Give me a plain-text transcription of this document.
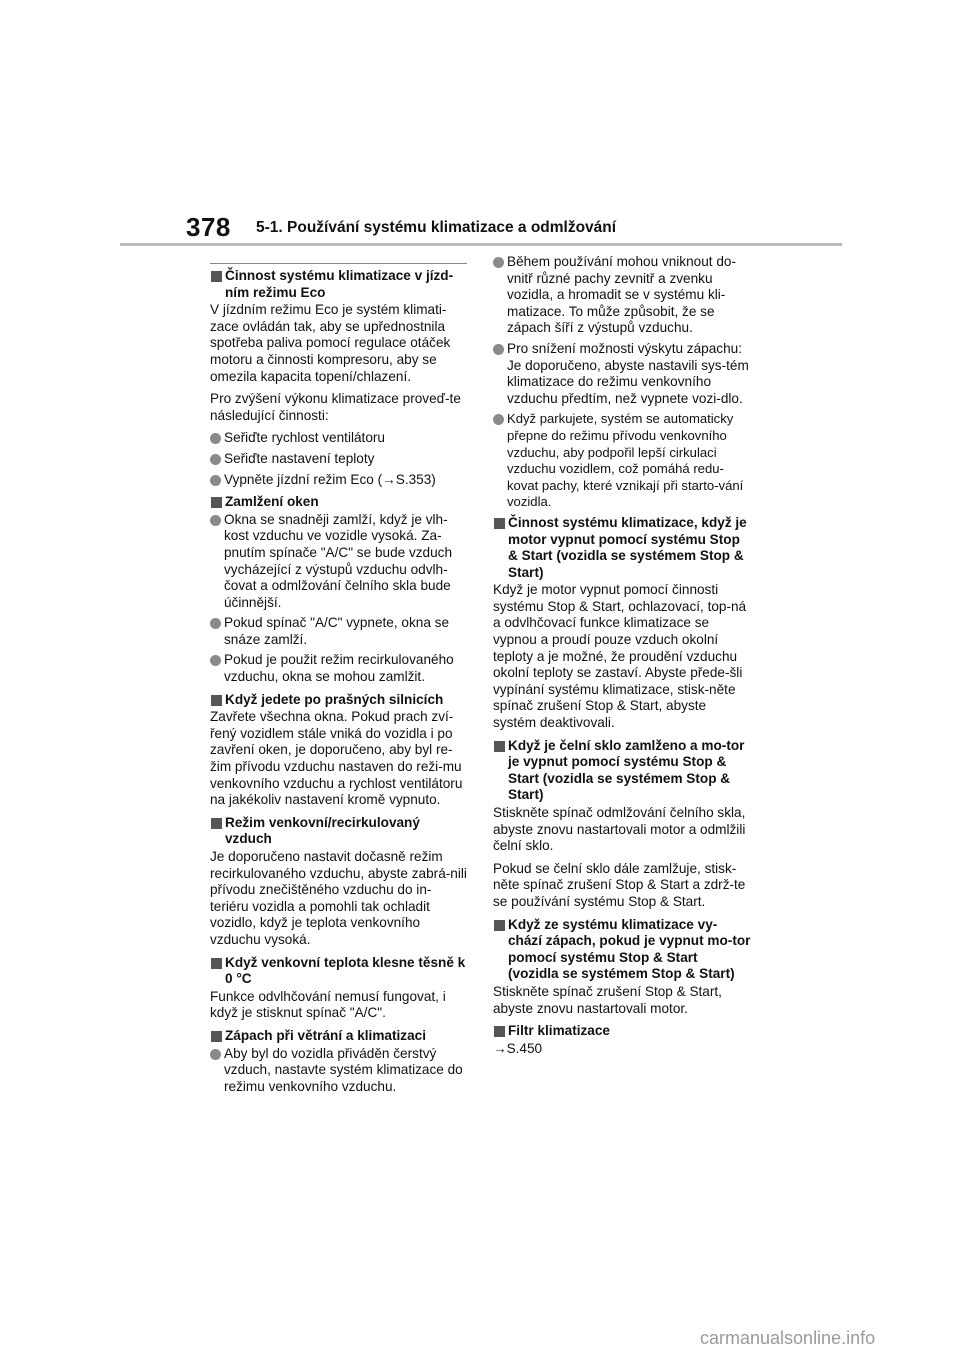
378 5-1. Používání systému klimatizace a odmlžování
Činnost systému klimatizace v jízd-ním režimu Eco
V jízdním režimu Eco je systém klimati-zace ovládán tak, aby se upřednostnila spotřeba paliva pomocí regulace otáček motoru a činnosti kompresoru, aby se omezila kapacita topení/chlazení.
Pro zvýšení výkonu klimatizace proveď-te následující činnosti:
Seřiďte rychlost ventilátoru
Seřiďte nastavení teploty
Vypněte jízdní režim Eco (→S.353)
Zamlžení oken
Okna se snadněji zamlží, když je vlh-kost vzduchu ve vozidle vysoká. Za-pnutím spínače "A/C" se bude vzduch vycházející z výstupů vzduchu odvlh-čovat a odmlžování čelního skla bude účinnější.
Pokud spínač "A/C" vypnete, okna se snáze zamlží.
Pokud je použit režim recirkulovaného vzduchu, okna se mohou zamlžit.
Když jedete po prašných silnicích
Zavřete všechna okna. Pokud prach zví-řený vozidlem stále vniká do vozidla i po zavření oken, je doporučeno, aby byl re-žim přívodu vzduchu nastaven do reži-mu venkovního vzduchu a rychlost ventilátoru na jakékoliv nastavení kromě vypnuto.
Režim venkovní/recirkulovaný vzduch
Je doporučeno nastavit dočasně režim recirkulovaného vzduchu, abyste zabrá-nili přívodu znečištěného vzduchu do in-teriéru vozidla a pomohli tak ochladit vozidlo, když je teplota venkovního vzduchu vysoká.
Když venkovní teplota klesne těsně k 0 °C
Funkce odvlhčování nemusí fungovat, i když je stisknut spínač "A/C".
Zápach při větrání a klimatizaci
Aby byl do vozidla přiváděn čerstvý vzduch, nastavte systém klimatizace do režimu venkovního vzduchu.
Během používání mohou vniknout do-vnitř různé pachy zevnitř a zvenku vozidla, a hromadit se v systému kli-matizace. To může způsobit, že se zápach šíří z výstupů vzduchu.
Pro snížení možnosti výskytu zápachu: Je doporučeno, abyste nastavili sys-tém klimatizace do režimu venkovního vzduchu předtím, než vypnete vozi-dlo.
Když parkujete, systém se automaticky přepne do režimu přívodu venkovního vzduchu, aby podpořil lepší cirkulaci vzduchu vozidlem, což pomáhá redu-kovat pachy, které vznikají při starto-vání vozidla.
Činnost systému klimatizace, když je motor vypnut pomocí systému Stop & Start (vozidla se systémem Stop & Start)
Když je motor vypnut pomocí činnosti systému Stop & Start, ochlazovací, top-ná a odvlhčovací funkce klimatizace se vypnou a proudí pouze vzduch okolní teploty a je možné, že proudění vzduchu okolní teploty se zastaví. Abyste přede-šli vypínání systému klimatizace, stisk-něte spínač zrušení Stop & Start, abyste systém deaktivovali.
Když je čelní sklo zamlženo a mo-tor je vypnut pomocí systému Stop & Start (vozidla se systémem Stop & Start)
Stiskněte spínač odmlžování čelního skla, abyste znovu nastartovali motor a odmlžili čelní sklo.
Pokud se čelní sklo dále zamlžuje, stisk-něte spínač zrušení Stop & Start a zdrž-te se používání systému Stop & Start.
Když ze systému klimatizace vy-chází zápach, pokud je vypnut mo-tor pomocí systému Stop & Start (vozidla se systémem Stop & Start)
Stiskněte spínač zrušení Stop & Start, abyste znovu nastartovali motor.
Filtr klimatizace
→S.450
carmanualsonline.info
